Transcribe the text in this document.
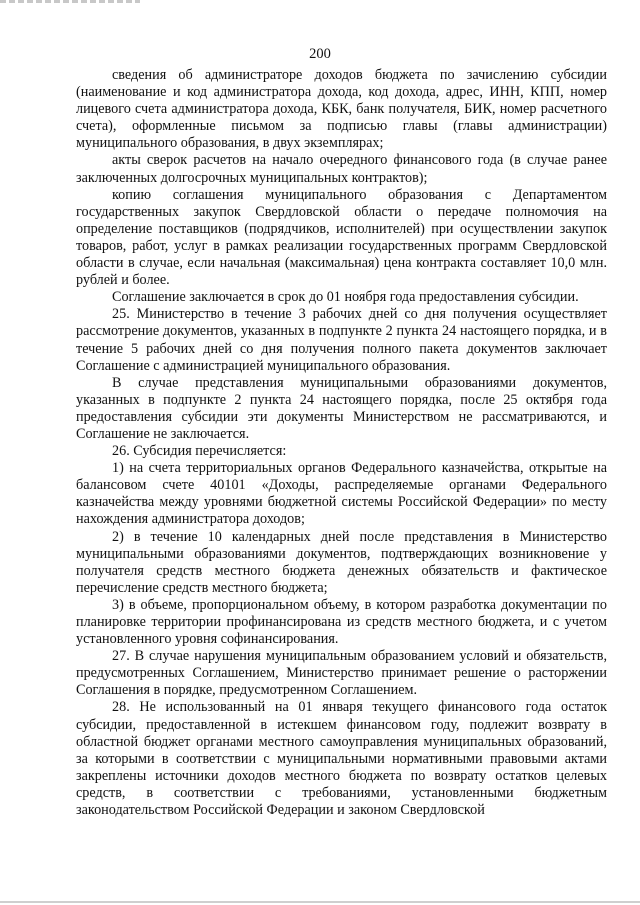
200

сведения об администраторе доходов бюджета по зачислению субсидии (наименование и код администратора дохода, код дохода, адрес, ИНН, КПП, номер лицевого счета администратора дохода, КБК, банк получателя, БИК, номер расчетного счета), оформленные письмом за подписью главы (главы администрации) муниципального образования, в двух экземплярах;

акты сверок расчетов на начало очередного финансового года (в случае ранее заключенных долгосрочных муниципальных контрактов);

копию соглашения муниципального образования с Департаментом государственных закупок Свердловской области о передаче полномочия на определение поставщиков (подрядчиков, исполнителей) при осуществлении закупок товаров, работ, услуг в рамках реализации государственных программ Свердловской области в случае, если начальная (максимальная) цена контракта составляет 10,0 млн. рублей и более.

Соглашение заключается в срок до 01 ноября года предоставления субсидии.

25. Министерство в течение 3 рабочих дней со дня получения осуществляет рассмотрение документов, указанных в подпункте 2 пункта 24 настоящего порядка, и в течение 5 рабочих дней со дня получения полного пакета документов заключает Соглашение с администрацией муниципального образования.

В случае представления муниципальными образованиями документов, указанных в подпункте 2 пункта 24 настоящего порядка, после 25 октября года предоставления субсидии эти документы Министерством не рассматриваются, и Соглашение не заключается.

26. Субсидия перечисляется:

1) на счета территориальных органов Федерального казначейства, открытые на балансовом счете 40101 «Доходы, распределяемые органами Федерального казначейства между уровнями бюджетной системы Российской Федерации» по месту нахождения администратора доходов;

2) в течение 10 календарных дней после представления в Министерство муниципальными образованиями документов, подтверждающих возникновение у получателя средств местного бюджета денежных обязательств и фактическое перечисление средств местного бюджета;

3) в объеме, пропорциональном объему, в котором разработка документации по планировке территории профинансирована из средств местного бюджета, и с учетом установленного уровня софинансирования.

27. В случае нарушения муниципальным образованием условий и обязательств, предусмотренных Соглашением, Министерство принимает решение о расторжении Соглашения в порядке, предусмотренном Соглашением.

28. Не использованный на 01 января текущего финансового года остаток субсидии, предоставленной в истекшем финансовом году, подлежит возврату в областной бюджет органами местного самоуправления муниципальных образований, за которыми в соответствии с муниципальными нормативными правовыми актами закреплены источники доходов местного бюджета по возврату остатков целевых средств, в соответствии с требованиями, установленными бюджетным законодательством Российской Федерации и законом Свердловской
